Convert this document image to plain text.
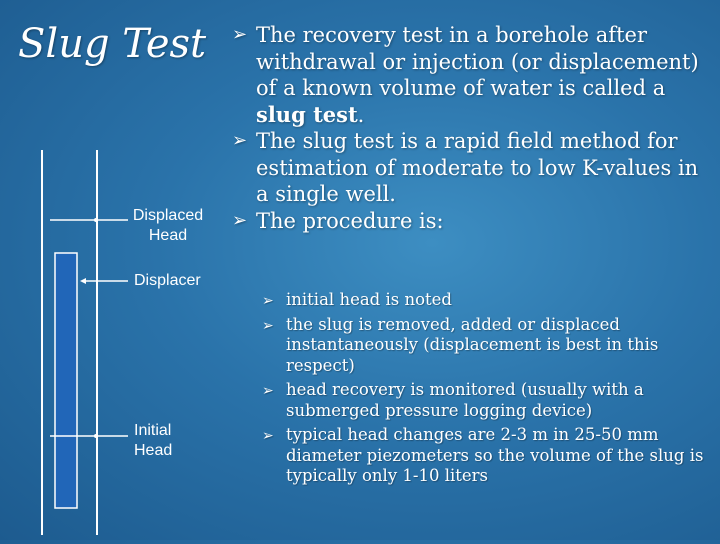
Slug Test ➢ The recovery test in a borehole after withdrawal or injection (or displacement) of a known volume of water is called a slug test.
➢ The slug test is a rapid field method for estimation of moderate to low K-values in a single well.
➢ The procedure is:
➢ initial head is noted
➢ the slug is removed, added or displaced instantaneously (displacement is best in this respect)
➢ head recovery is monitored (usually with a submerged pressure logging device)
➢ typical head changes are 2-3 m in 25-50 mm diameter piezometers so the volume of the slug is typically only 1-10 liters
Displaced
Head
Displacer
Initial
Head
